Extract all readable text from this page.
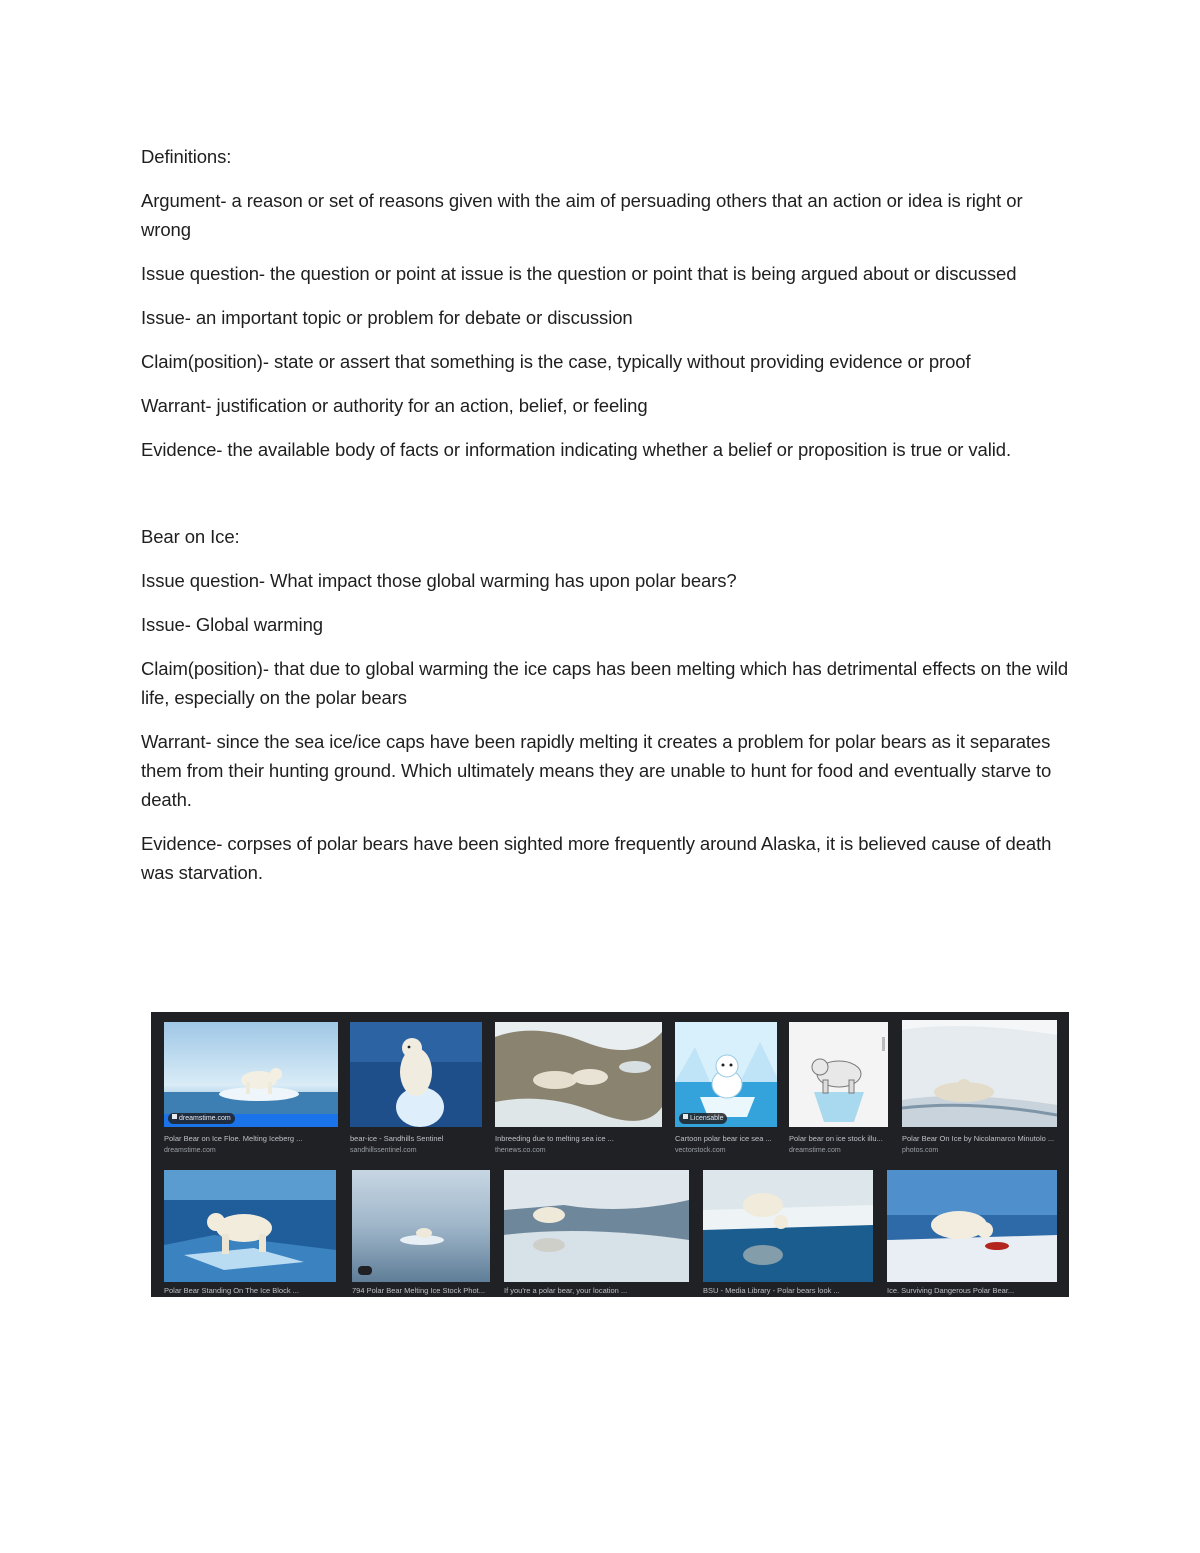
Definitions:

Argument- a reason or set of reasons given with the aim of persuading others that an action or idea is right or wrong

Issue question- the question or point at issue is the question or point that is being argued about or discussed

Issue- an important topic or problem for debate or discussion

Claim(position)- state or assert that something is the case, typically without providing evidence or proof

Warrant- justification or authority for an action, belief, or feeling

Evidence- the available body of facts or information indicating whether a belief or proposition is true or valid.

Bear on Ice:

Issue question- What impact those global warming has upon polar bears?

Issue- Global warming

Claim(position)- that due to global warming the ice caps has been melting which has detrimental effects on the wild life, especially on the polar bears

Warrant- since the sea ice/ice caps have been rapidly melting it creates a problem for polar bears as it separates them from their hunting ground. Which ultimately means they are unable to hunt for food and eventually starve to death.

Evidence- corpses of polar bears have been sighted more frequently around Alaska, it is believed cause of death was starvation.

dreamstime.com
Polar Bear on Ice Floe. Melting Iceberg ...
dreamstime.com
bear-ice - Sandhills Sentinel
sandhillssentinel.com
Inbreeding due to melting sea ice ...
thenews.co.com
Licensable
Cartoon polar bear ice sea ...
vectorstock.com
Polar bear on ice stock illu...
dreamstime.com
Polar Bear On Ice by Nicolamarco Minutolo ...
photos.com
Polar Bear Standing On The Ice Block ...	794 Polar Bear Melting Ice Stock Phot...	If you're a polar bear, your location ...	BSU - Media Library - Polar bears look ...	Ice. Surviving Dangerous Polar Bear...
